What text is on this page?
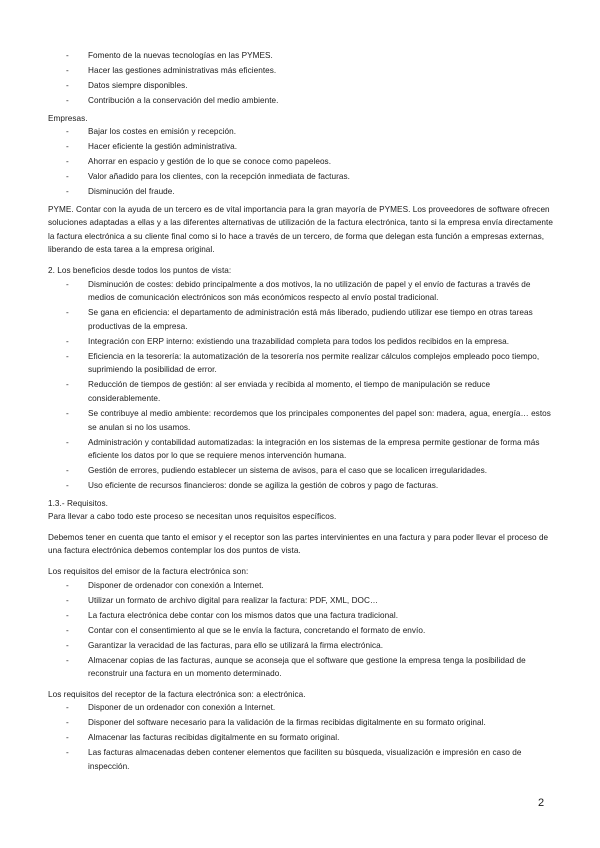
- Fomento de la nuevas tecnologías en las PYMES.
- Hacer las gestiones administrativas más eficientes.
- Datos siempre disponibles.
- Contribución a la conservación del medio ambiente.

Empresas.

- Bajar los costes en emisión y recepción.
- Hacer eficiente la gestión administrativa.
- Ahorrar en espacio y gestión de lo que se conoce como papeleos.
- Valor añadido para los clientes, con la recepción inmediata de facturas.
- Disminución del fraude.

PYME. Contar con la ayuda de un tercero es de vital importancia para la gran mayoría de PYMES. Los proveedores de software ofrecen soluciones adaptadas a ellas y a las diferentes alternativas de utilización de la factura electrónica, tanto si la empresa envía directamente la factura electrónica a su cliente final como si lo hace a través de un tercero, de forma que delegan esta función a empresas externas, liberando de esta tarea a la empresa original.

2. Los beneficios desde todos los puntos de vista:

- Disminución de costes: debido principalmente a dos motivos, la no utilización de papel y el envío de facturas a través de medios de comunicación electrónicos son más económicos respecto al envío postal tradicional.
- Se gana en eficiencia: el departamento de administración está más liberado, pudiendo utilizar ese tiempo en otras tareas productivas de la empresa.
- Integración con ERP interno: existiendo una trazabilidad completa para todos los pedidos recibidos en la empresa.
- Eficiencia en la tesorería: la automatización de la tesorería nos permite realizar cálculos complejos empleado poco tiempo, suprimiendo la posibilidad de error.
- Reducción de tiempos de gestión: al ser enviada y recibida al momento, el tiempo de manipulación se reduce considerablemente.
- Se contribuye al medio ambiente: recordemos que los principales componentes del papel son: madera, agua, energía… estos se anulan si no los usamos.
- Administración y contabilidad automatizadas: la integración en los sistemas de la empresa permite gestionar de forma más eficiente los datos por lo que se requiere menos intervención humana.
- Gestión de errores, pudiendo establecer un sistema de avisos, para el caso que se localicen irregularidades.
- Uso eficiente de recursos financieros: donde se agiliza la gestión de cobros y pago de facturas.

1.3.- Requisitos.

Para llevar a cabo todo este proceso se necesitan unos requisitos específicos.

Debemos tener en cuenta que tanto el emisor y el receptor son las partes intervinientes en una factura y para poder llevar el proceso de una factura electrónica debemos contemplar los dos puntos de vista.

Los requisitos del emisor de la factura electrónica son:

- Disponer de ordenador con conexión a Internet.
- Utilizar un formato de archivo digital para realizar la factura: PDF, XML, DOC…
- La factura electrónica debe contar con los mismos datos que una factura tradicional.
- Contar con el consentimiento al que se le envía la factura, concretando el formato de envío.
- Garantizar la veracidad de las facturas, para ello se utilizará la firma electrónica.
- Almacenar copias de las facturas, aunque se aconseja que el software que gestione la empresa tenga la posibilidad de reconstruir una factura en un momento determinado.

Los requisitos del receptor de la factura electrónica son: a electrónica.

- Disponer de un ordenador con conexión a Internet.
- Disponer del software necesario para la validación de la firmas recibidas digitalmente en su formato original.
- Almacenar las facturas recibidas digitalmente en su formato original.
- Las facturas almacenadas deben contener elementos que faciliten su búsqueda, visualización e impresión en caso de inspección.
2
